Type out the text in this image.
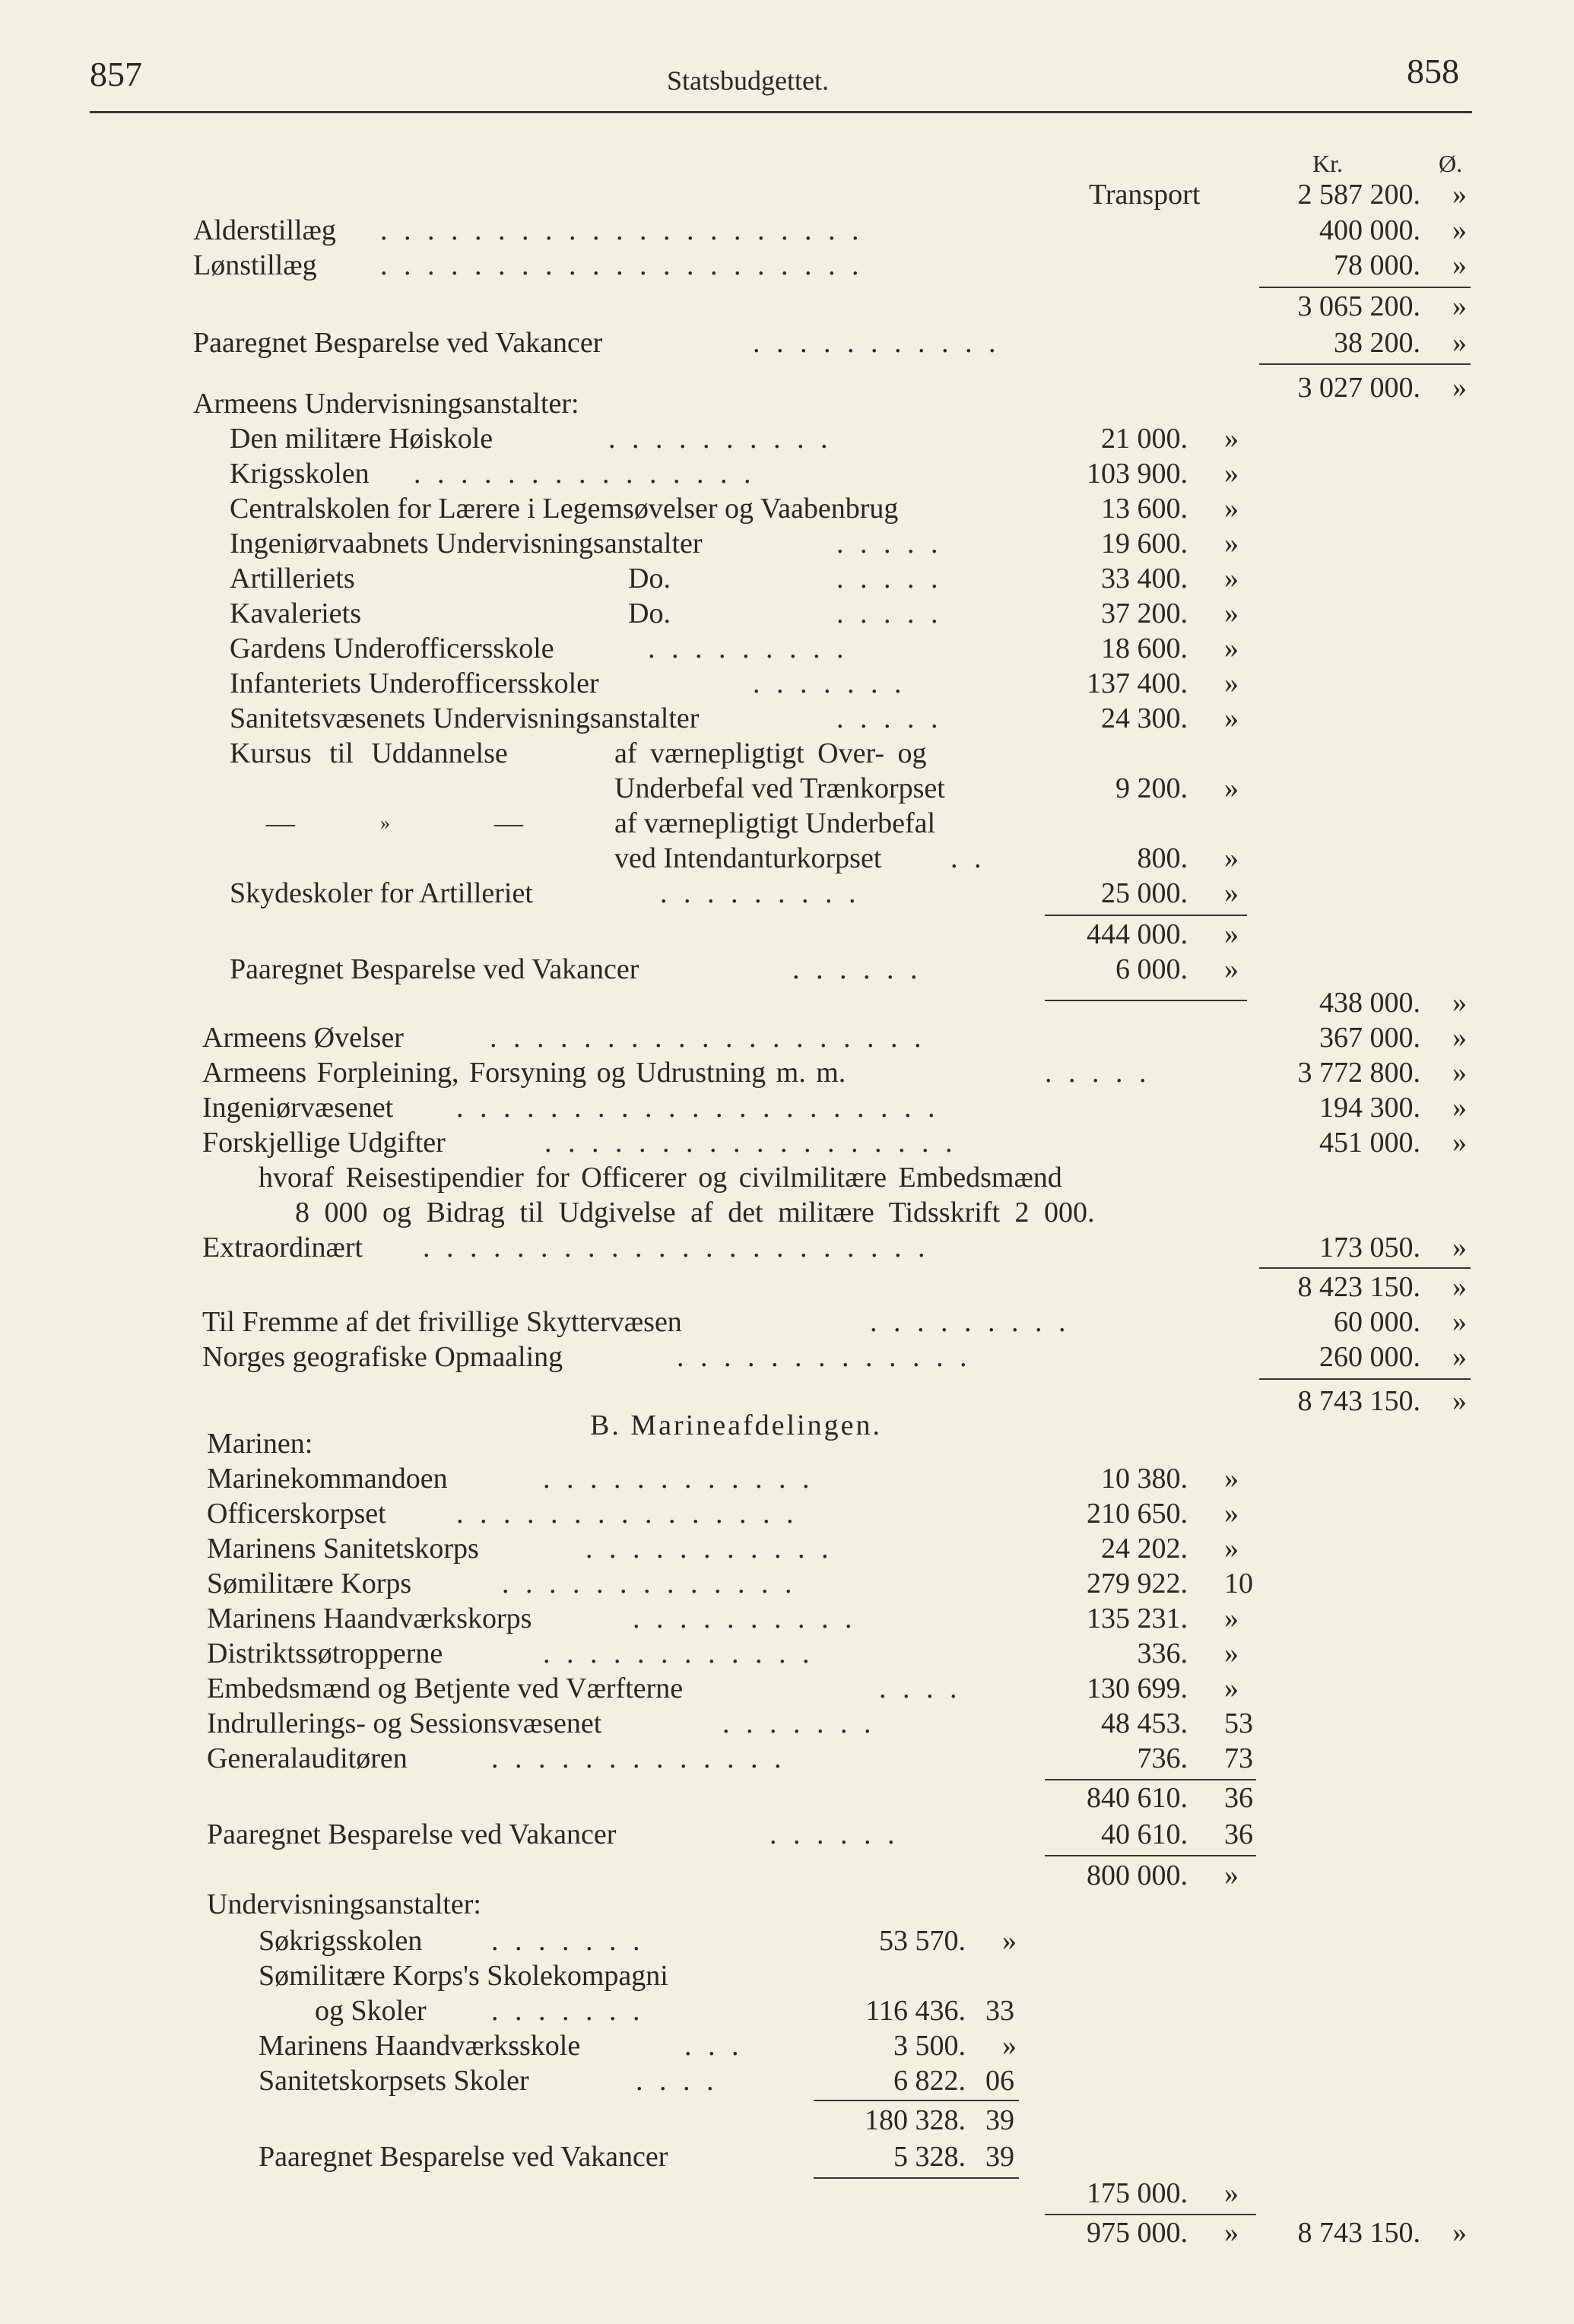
857	Statsbudgettet.	858
Kr.	Ø.
Transport	2 587 200. »
Alderstillæg . . . . . . . . . . . . . . . . . . . . .	400 000. »
Lønstillæg . . . . . . . . . . . . . . . . . . . . .	78 000. »
3 065 200. »
Paaregnet Besparelse ved Vakancer	. . . . . . . . . . .	38 200. »
3 027 000. »
Armeens Undervisningsanstalter:
Den militære Høiskole	. . . . . . . . . .	21 000. »
Krigsskolen . . . . . . . . . . . . . . .	103 900. »
Centralskolen for Lærere i Legemsøvelser og Vaabenbrug	13 600. »
Ingeniørvaabnets Undervisningsanstalter	. . . . .	19 600. »
Artilleriets	Do.	. . . . .	33 400. »
Kavaleriets	Do.	. . . . .	37 200. »
Gardens Underofficersskole	. . . . . . . . .	18 600. »
Infanteriets Underofficersskoler	. . . . . . .	137 400. »
Sanitetsvæsenets Undervisningsanstalter	. . . . .	24 300. »
Kursus til Uddannelse	af værnepligtigt Over- og
Underbefal ved Trænkorpset	9 200. »
—	»	—	af værnepligtigt Underbefal
ved Intendanturkorpset . .	800. »
Skydeskoler for Artilleriet	. . . . . . . . .	25 000. »
444 000. »
Paaregnet Besparelse ved Vakancer	. . . . . .	6 000. »
438 000. »
Armeens Øvelser	. . . . . . . . . . . . . . . . . . .	367 000. »
Armeens Forpleining, Forsyning og Udrustning m. m.	. . . . .	3 772 800. »
Ingeniørvæsenet . . . . . . . . . . . . . . . . . . . . .	194 300. »
Forskjellige Udgifter	. . . . . . . . . . . . . . . . . .	451 000. »
hvoraf Reisestipendier for Officerer og civilmilitære Embedsmænd
8 000 og Bidrag til Udgivelse af det militære Tidsskrift 2 000.
Extraordinært . . . . . . . . . . . . . . . . . . . . . .	173 050. »
8 423 150. »
Til Fremme af det frivillige Skyttervæsen	. . . . . . . . .	60 000. »
Norges geografiske Opmaaling	. . . . . . . . . . . . .	260 000. »
8 743 150. »
B. Marineafdelingen.
Marinen:
Marinekommandoen	. . . . . . . . . . . .	10 380. »
Officerskorpset . . . . . . . . . . . . . . .	210 650. »
Marinens Sanitetskorps	. . . . . . . . . . .	24 202. »
Sømilitære Korps	. . . . . . . . . . . . .	279 922. 10
Marinens Haandværkskorps	. . . . . . . . . .	135 231. »
Distriktssøtropperne	. . . . . . . . . . . .	336. »
Embedsmænd og Betjente ved Værfterne	. . . .	130 699. »
Indrullerings- og Sessionsvæsenet	. . . . . . .	48 453. 53
Generalauditøren	. . . . . . . . . . . . .	736. 73
840 610. 36
Paaregnet Besparelse ved Vakancer	. . . . . .	40 610. 36
800 000. »
Undervisningsanstalter:
Søkrigsskolen . . . . . . .	53 570. »
Sømilitære Korps's Skolekompagni
og Skoler . . . . . . .	116 436. 33
Marinens Haandværksskole	. . .	3 500. »
Sanitetskorpsets Skoler	. . . .	6 822. 06
180 328. 39
Paaregnet Besparelse ved Vakancer	5 328. 39
175 000. »
975 000. »	8 743 150. »
